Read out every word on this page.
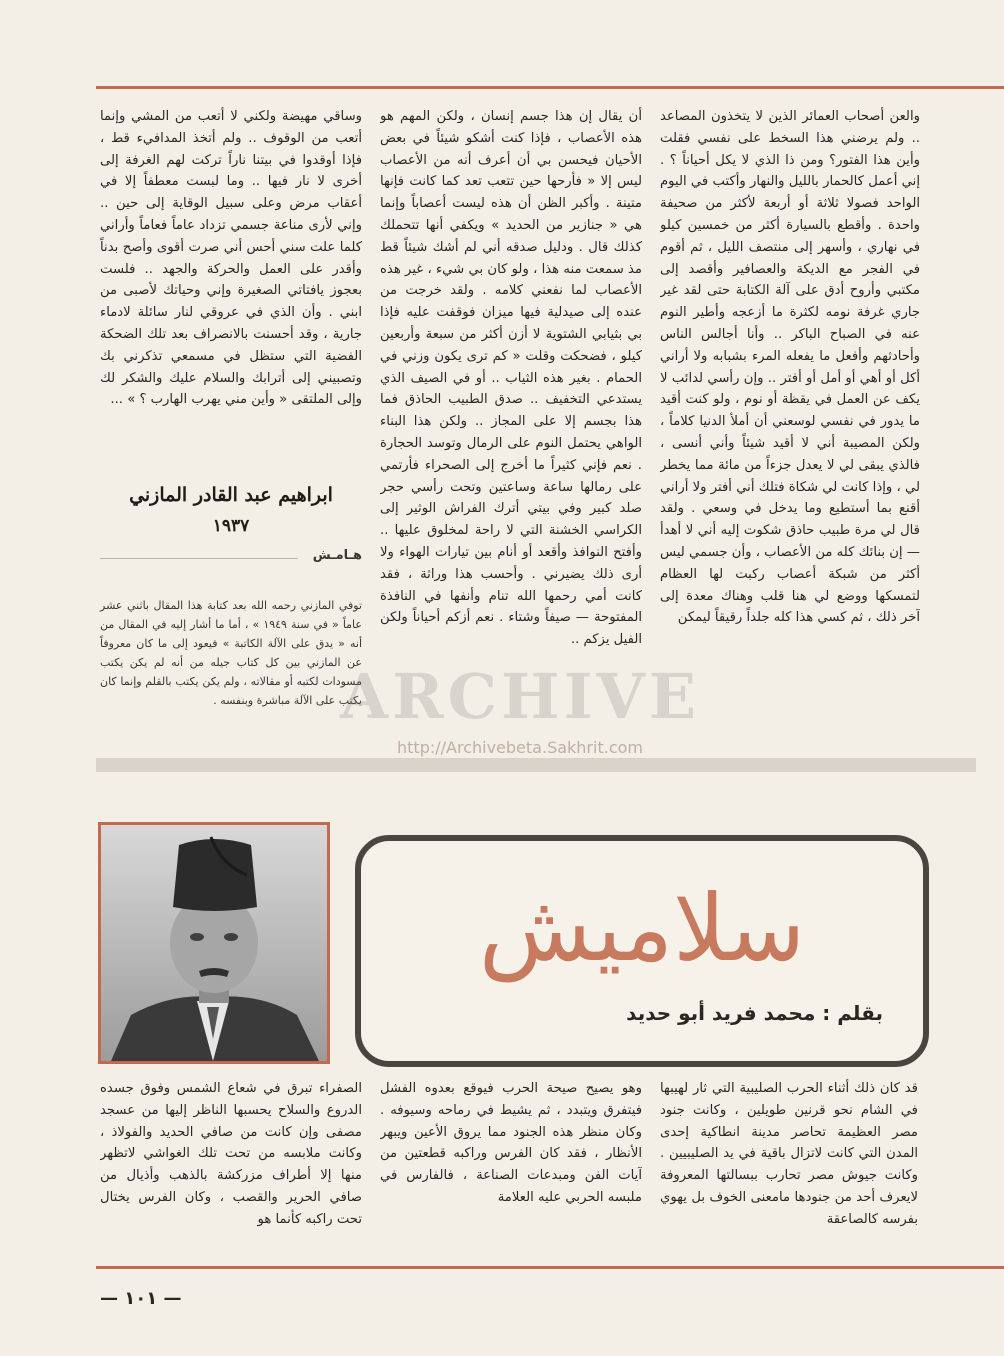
والعن أصحاب العمائر الذين لا يتخذون المصاعد .. ولم يرضني هذا السخط على نفسي فقلت وأين هذا الفتور؟ ومن ذا الذي لا يكل أحياناً ؟ . إني أعمل كالحمار بالليل والنهار وأكتب في اليوم الواحد فصولا ثلاثة أو أربعة لأكثر من صحيفة واحدة . وأقطع بالسيارة أكثر من خمسين كيلو في نهاري ، وأسهر إلى منتصف الليل ، ثم أقوم في الفجر مع الديكة والعصافير وأقصد إلى مكتبي وأروح أدق على آلة الكتابة حتى لقد غير جاري غرفة نومه لكثرة ما أزعجه وأطير النوم عنه في الصباح الباكر .. وأنا أجالس الناس وأحادثهم وأفعل ما يفعله المرء بشبابه ولا أراني أكل أو أهي أو أمل أو أفتر .. وإن رأسي لدائب لا يكف عن العمل في يقظة أو نوم ، ولو كنت أقيد ما يدور في نفسي لوسعني أن أملأ الدنيا كلاماً ، ولكن المصيبة أني لا أقيد شيئاً وأني أنسى ، فالذي يبقى لي لا يعدل جزءاً من مائة مما يخطر لي ، وإذا كانت لي شكاة فتلك أني أفتر ولا أراني أقنع بما أستطيع وما يدخل في وسعي . ولقد قال لي مرة طبيب حاذق شكوت إليه أني لا أهدأ — إن بنائك كله من الأعصاب ، وأن جسمي ليس أكثر من شبكة أعصاب ركبت لها العظام لتمسكها ووضع لي هنا قلب وهناك معدة إلى آخر ذلك ، ثم كسي هذا كله جلداً رقيقاً ليمكن

أن يقال إن هذا جسم إنسان ، ولكن المهم هو هذه الأعصاب ، فإذا كنت أشكو شيئاً في بعض الأحيان فيحسن بي أن أعرف أنه من الأعصاب ليس إلا « فأرحها حين تتعب تعد كما كانت فإنها متينة . وأكبر الظن أن هذه ليست أعصاباً وإنما هي « جنازير من الحديد » ويكفي أنها تتحملك كذلك قال . ودليل صدقه أني لم أشك شيئاً قط مذ سمعت منه هذا ، ولو كان بي شيء ، غير هذه الأعصاب لما نفعني كلامه . ولقد خرجت من عنده إلى صيدلية فيها ميزان فوقفت عليه فإذا بي بثيابي الشتوية لا أزن أكثر من سبعة وأربعين كيلو ، فضحكت وقلت « كم ترى يكون وزني في الحمام . بغير هذه الثياب .. أو في الصيف الذي يستدعي التخفيف .. صدق الطبيب الحاذق فما هذا بجسم إلا على المجاز .. ولكن هذا البناء الواهي يحتمل النوم على الرمال وتوسد الحجارة . نعم فإني كثيراً ما أخرج إلى الصحراء فأرتمي على رمالها ساعة وساعتين وتحت رأسي حجر صلد كبير وفي بيتي أترك الفراش الوثير إلى الكراسي الخشنة التي لا راحة لمخلوق عليها .. وأفتح النوافذ وأقعد أو أنام بين تيارات الهواء ولا أرى ذلك يضيرني . وأحسب هذا وراثة ، فقد كانت أمي رحمها الله تنام وأنفها في النافذة المفتوحة — صيفاً وشتاء . نعم أزكم أحياناً ولكن الفيل يزكم ..

وساقي مهيضة ولكني لا أتعب من المشي وإنما أتعب من الوقوف .. ولم أتخذ المدافيء قط ، فإذا أوقدوا في بيتنا ناراً تركت لهم الغرفة إلى أخرى لا نار فيها .. وما لبست معطفاً إلا في أعقاب مرض وعلى سبيل الوقاية إلى حين .. وإني لأرى مناعة جسمي تزداد عاماً فعاماً وأراني كلما علت سني أحس أني صرت أقوى وأصح بدناً وأقدر على العمل والحركة والجهد .. فلست بعجوز يافتاتي الصغيرة وإني وحياتك لأصبى من ابني . وأن الذي في عروقي لنار سائلة لادماء جارية ، وقد أحسنت بالانصراف بعد تلك الضحكة الفضية التي ستظل في مسمعي تذكرني بك وتصبيني إلى أترابك والسلام عليك والشكر لك وإلى الملتقى « وأين مني يهرب الهارب ؟ » ...

ابراهيم عبد القادر المازني
١٩٣٧
هـامـش
توفي المازني رحمه الله بعد كتابة هذا المقال باثني عشر عاماً « في سنة ١٩٤٩ » ، أما ما أشار إليه في المقال من أنه « يدق على الآلة الكاتبة » فيعود إلى ما كان معروفاً عن المازني بين كل كتاب جيله من أنه لم يكن يكتب مسودات لكتبه أو مقالاته ، ولم يكن يكتب بالقلم وإنما كان يكتب على الآلة مباشرة وبنفسه .
ARCHIVE
http://Archivebeta.Sakhrit.com
سلاميش
بقلم : محمد فريد أبو حديد

قد كان ذلك أثناء الحرب الصليبية التي ثار لهيبها في الشام نحو قرنين طويلين ، وكانت جنود مصر العظيمة تحاصر مدينة انطاكية إحدى المدن التي كانت لاتزال باقية في يد الصليبيين . وكانت جيوش مصر تحارب ببسالتها المعروفة لايعرف أحد من جنودها مامعنى الخوف بل يهوي بفرسه كالصاعقة

وهو يصيح صيحة الحرب فيوقع بعدوه الفشل فيتفرق ويتبدد ، ثم يشيط في رماحه وسيوفه . وكان منظر هذه الجنود مما يروق الأعين ويبهر الأنظار ، فقد كان الفرس وراكبه قطعتين من آيات الفن ومبدعات الصناعة ، فالفارس في ملبسه الحربي عليه العلامة

الصفراء تبرق في شعاع الشمس وفوق جسده الدروع والسلاح يحسبها الناظر إليها من عسجد مصفى وإن كانت من صافي الحديد والفولاذ ، وكانت ملابسه من تحت تلك الغواشي لاتظهر منها إلا أطراف مزركشة بالذهب وأذيال من صافي الحرير والقصب ، وكان الفرس يختال تحت راكبه كأنما هو

— ١٠١ —
